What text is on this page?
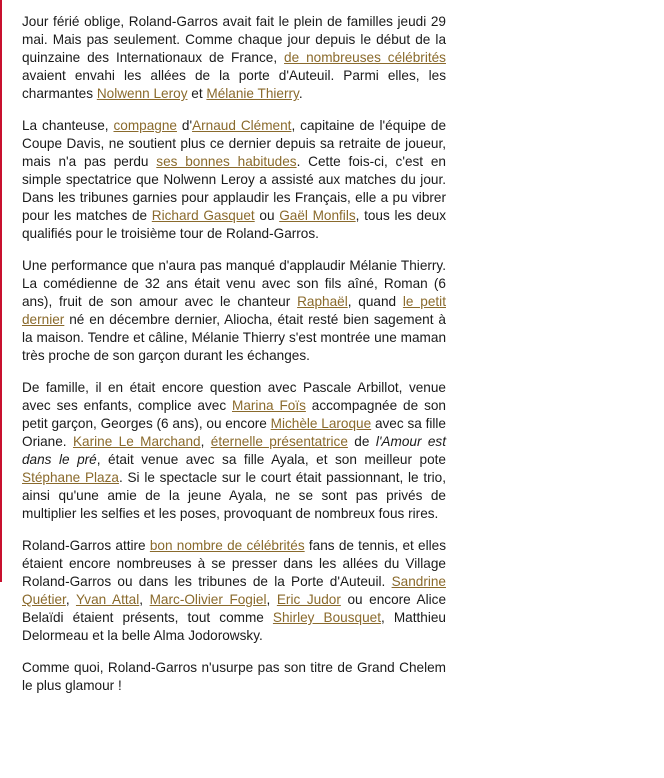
Jour férié oblige, Roland-Garros avait fait le plein de familles jeudi 29 mai. Mais pas seulement. Comme chaque jour depuis le début de la quinzaine des Internationaux de France, de nombreuses célébrités avaient envahi les allées de la porte d'Auteuil. Parmi elles, les charmantes Nolwenn Leroy et Mélanie Thierry.

La chanteuse, compagne d'Arnaud Clément, capitaine de l'équipe de Coupe Davis, ne soutient plus ce dernier depuis sa retraite de joueur, mais n'a pas perdu ses bonnes habitudes. Cette fois-ci, c'est en simple spectatrice que Nolwenn Leroy a assisté aux matches du jour. Dans les tribunes garnies pour applaudir les Français, elle a pu vibrer pour les matches de Richard Gasquet ou Gaël Monfils, tous les deux qualifiés pour le troisième tour de Roland-Garros.

Une performance que n'aura pas manqué d'applaudir Mélanie Thierry. La comédienne de 32 ans était venu avec son fils aîné, Roman (6 ans), fruit de son amour avec le chanteur Raphaël, quand le petit dernier né en décembre dernier, Aliocha, était resté bien sagement à la maison. Tendre et câline, Mélanie Thierry s'est montrée une maman très proche de son garçon durant les échanges.

De famille, il en était encore question avec Pascale Arbillot, venue avec ses enfants, complice avec Marina Foïs accompagnée de son petit garçon, Georges (6 ans), ou encore Michèle Laroque avec sa fille Oriane. Karine Le Marchand, éternelle présentatrice de l'Amour est dans le pré, était venue avec sa fille Ayala, et son meilleur pote Stéphane Plaza. Si le spectacle sur le court était passionnant, le trio, ainsi qu'une amie de la jeune Ayala, ne se sont pas privés de multiplier les selfies et les poses, provoquant de nombreux fous rires.

Roland-Garros attire bon nombre de célébrités fans de tennis, et elles étaient encore nombreuses à se presser dans les allées du Village Roland-Garros ou dans les tribunes de la Porte d'Auteuil. Sandrine Quétier, Yvan Attal, Marc-Olivier Fogiel, Eric Judor ou encore Alice Belaïdi étaient présents, tout comme Shirley Bousquet, Matthieu Delormeau et la belle Alma Jodorowsky.

Comme quoi, Roland-Garros n'usurpe pas son titre de Grand Chelem le plus glamour !
